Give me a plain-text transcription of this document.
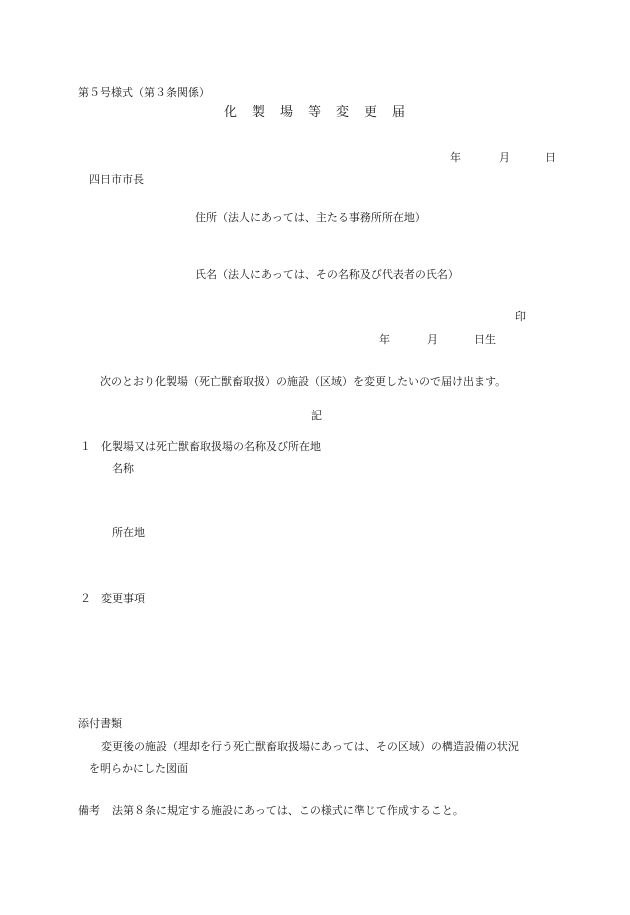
第５号様式（第３条関係）
化製場等変更届
年	月	日
四日市市長
住所（法人にあっては、主たる事務所所在地）
氏名（法人にあっては、その名称及び代表者の氏名）
印
年	月	日生
次のとおり化製場（死亡獣畜取扱）の施設（区域）を変更したいので届け出ます。
記
１ 化製場又は死亡獣畜取扱場の名称及び所在地
名称
所在地
２ 変更事項
添付書類
変更後の施設（埋却を行う死亡獣畜取扱場にあっては、その区域）の構造設備の状況
を明らかにした図面
備考 法第８条に規定する施設にあっては、この様式に準じて作成すること。
